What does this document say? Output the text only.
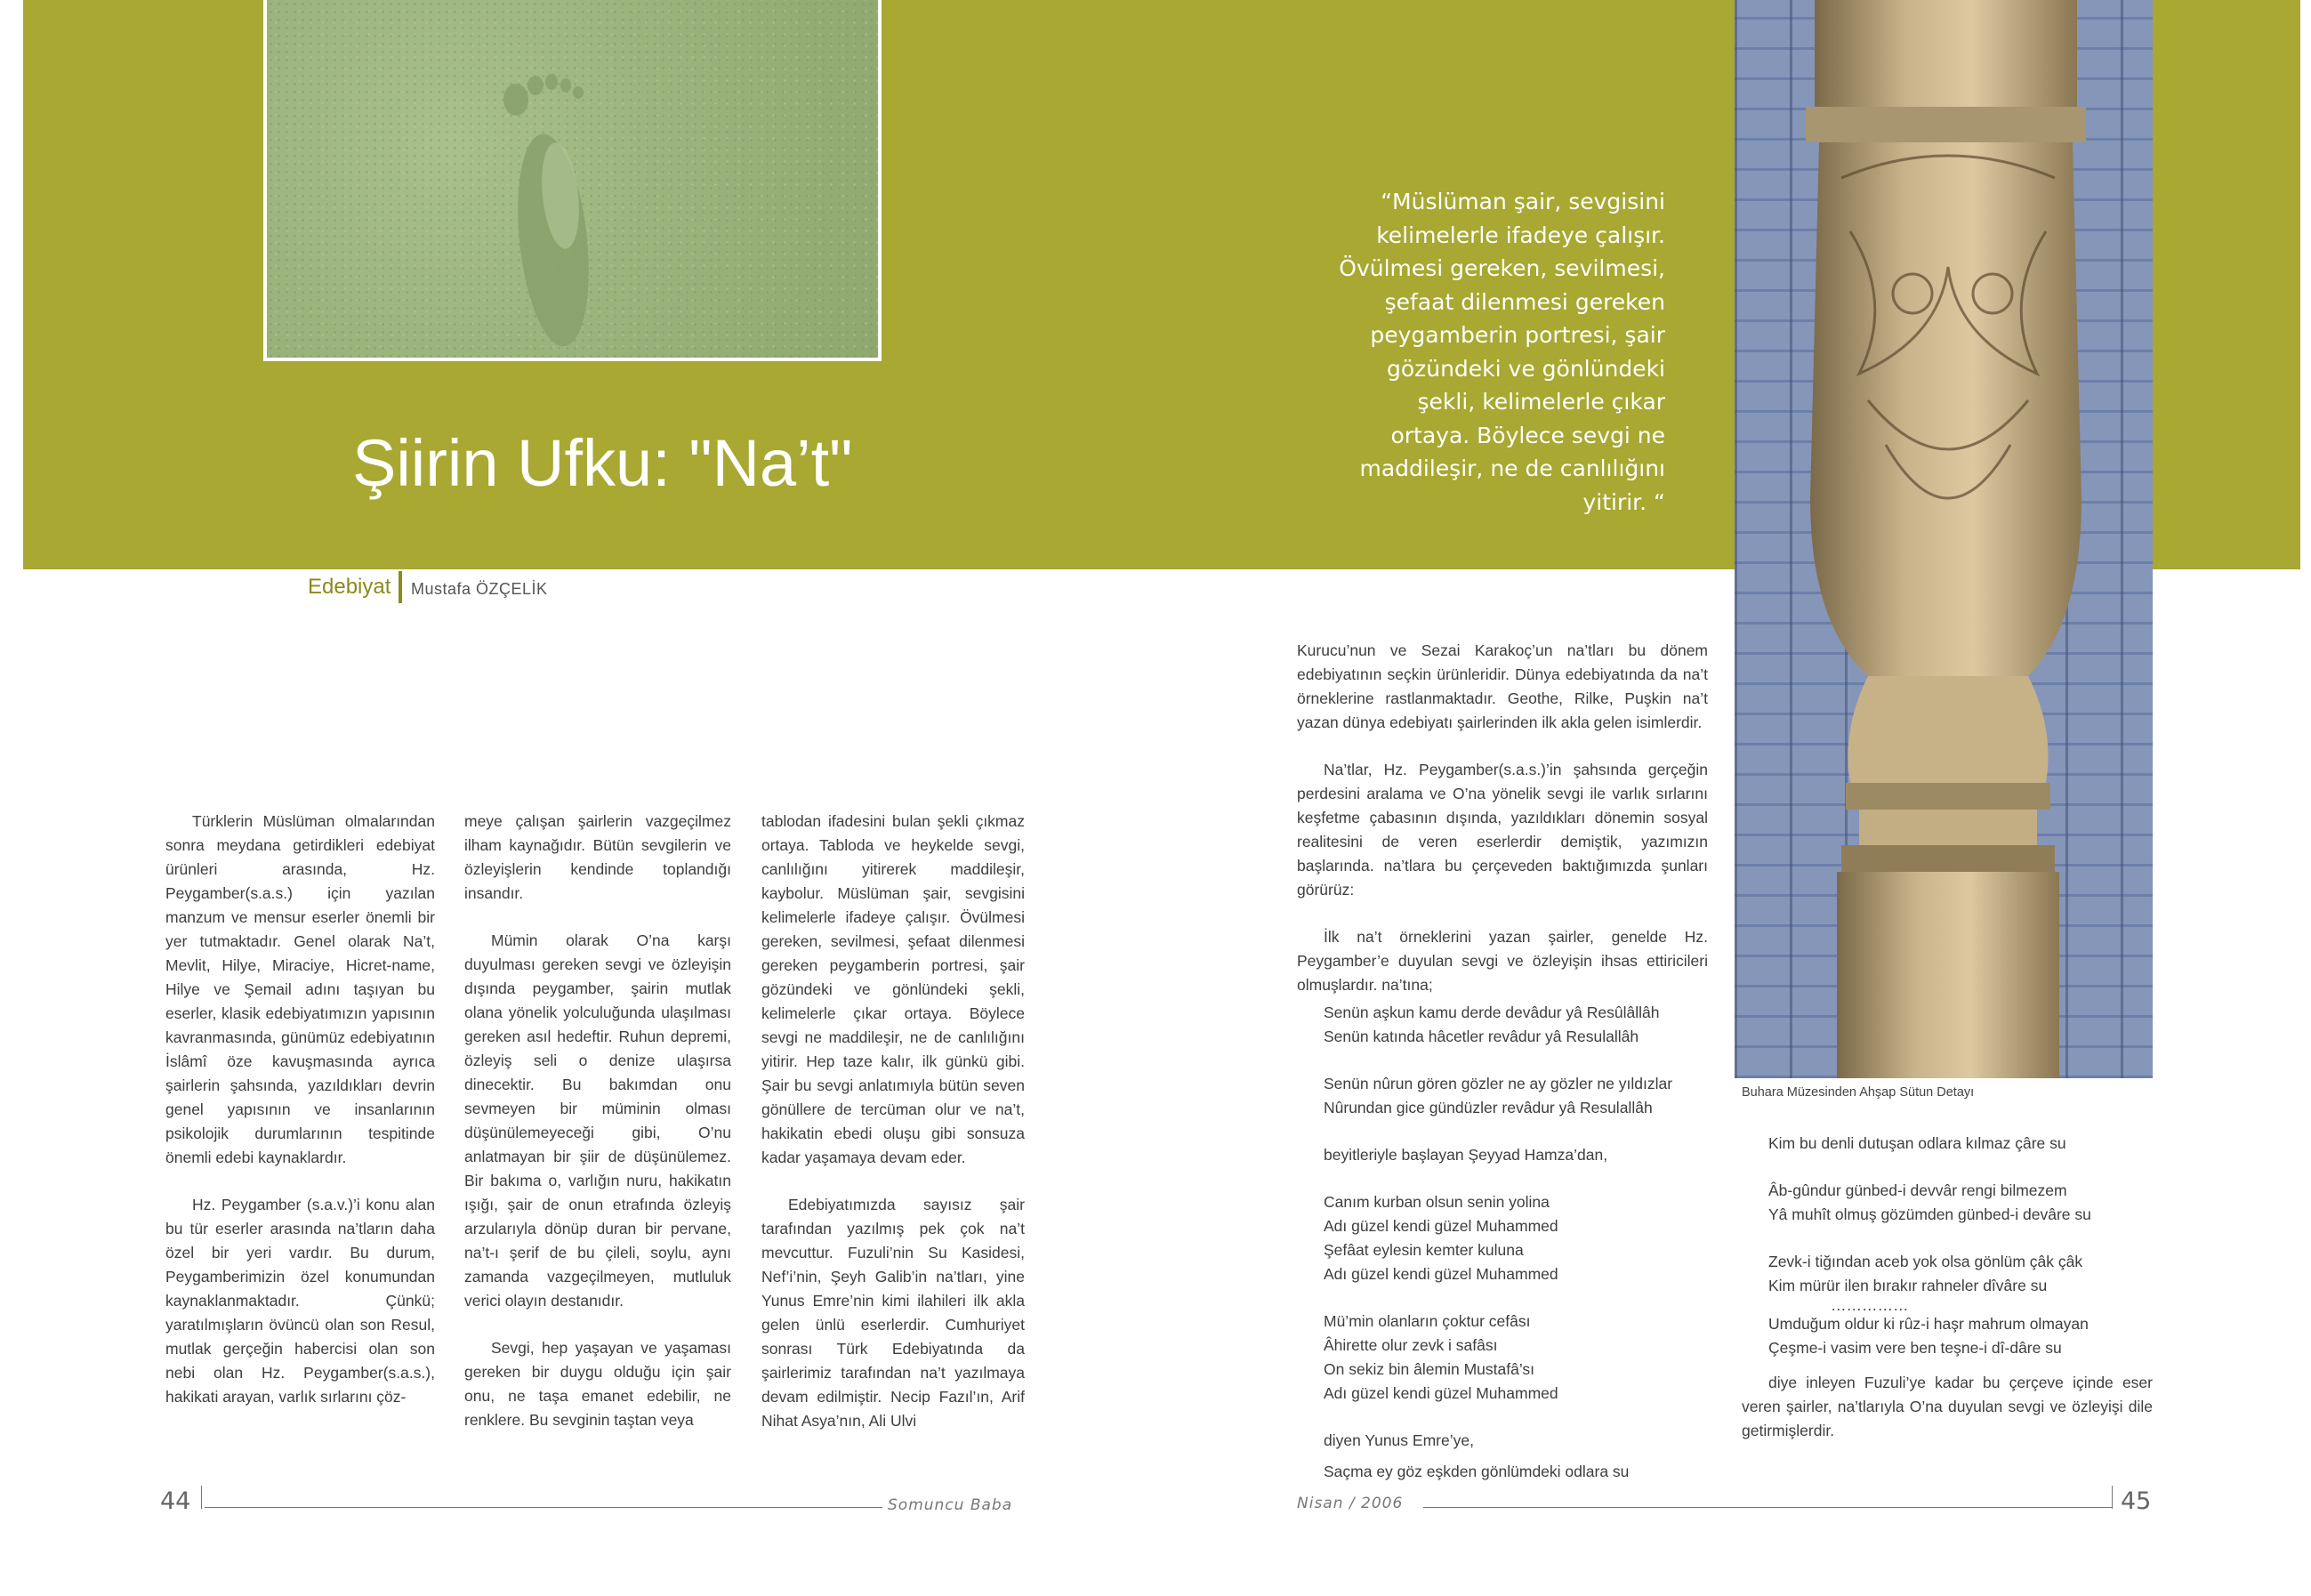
Şiirin Ufku: "Na’t"
“Müslüman şair, sevgisini
kelimelerle ifadeye çalışır.
Övülmesi gereken, sevilmesi,
şefaat dilenmesi gereken
peygamberin portresi, şair
gözündeki ve gönlündeki
şekli, kelimelerle çıkar
ortaya. Böylece sevgi ne
maddileşir, ne de canlılığını
yitirir. “
Buhara Müzesinden Ahşap Sütun Detayı
Edebiyat Mustafa ÖZÇELİK

Türklerin Müslüman olmalarından sonra meydana getirdikleri edebiyat ürünleri arasında, Hz. Peygamber(s.a.s.) için yazılan manzum ve mensur eserler önemli bir yer tutmaktadır. Genel olarak Na’t, Mevlit, Hilye, Miraciye, Hicret-name, Hilye ve Şemail adını taşıyan bu eserler, klasik edebiyatımızın yapısının kavranmasında, günümüz edebiyatının İslâmî öze kavuşmasında ayrıca şairlerin şahsında, yazıldıkları devrin genel yapısının ve insanlarının psikolojik durumlarının tespitinde önemli edebi kaynaklardır.

Hz. Peygamber (s.a.v.)’i konu alan bu tür eserler arasında na’tların daha özel bir yeri vardır. Bu durum, Peygamberimizin özel konumundan kaynaklanmaktadır. Çünkü; yaratılmışların övüncü olan son Resul, mutlak gerçeğin habercisi olan son nebi olan Hz. Peygamber(s.a.s.), hakikati arayan, varlık sırlarını çöz-

meye çalışan şairlerin vazgeçilmez ilham kaynağıdır. Bütün sevgilerin ve özleyişlerin kendinde toplandığı insandır.

Mümin olarak O’na karşı duyulması gereken sevgi ve özleyişin dışında peygamber, şairin mutlak olana yönelik yolculuğunda ulaşılması gereken asıl hedeftir. Ruhun depremi, özleyiş seli o denize ulaşırsa dinecektir. Bu bakımdan onu sevmeyen bir müminin olması düşünülemeyeceği gibi, O’nu anlatmayan bir şiir de düşünülemez. Bir bakıma o, varlığın nuru, hakikatın ışığı, şair de onun etrafında özleyiş arzularıyla dönüp duran bir pervane, na’t-ı şerif de bu çileli, soylu, aynı zamanda vazgeçilmeyen, mutluluk verici olayın destanıdır.

Sevgi, hep yaşayan ve yaşaması gereken bir duygu olduğu için şair onu, ne taşa emanet edebilir, ne renklere. Bu sevginin taştan veya

tablodan ifadesini bulan şekli çıkmaz ortaya. Tabloda ve heykelde sevgi, canlılığını yitirerek maddileşir, kaybolur. Müslüman şair, sevgisini kelimelerle ifadeye çalışır. Övülmesi gereken, sevilmesi, şefaat dilenmesi gereken peygamberin portresi, şair gözündeki ve gönlündeki şekli, kelimelerle çıkar ortaya. Böylece sevgi ne maddileşir, ne de canlılığını yitirir. Hep taze kalır, ilk günkü gibi. Şair bu sevgi anlatımıyla bütün seven gönüllere de tercüman olur ve na’t, hakikatin ebedi oluşu gibi sonsuza kadar yaşamaya devam eder.

Edebiyatımızda sayısız şair tarafından yazılmış pek çok na’t mevcuttur. Fuzuli’nin Su Kasidesi, Nef’i’nin, Şeyh Galib’in na’tları, yine Yunus Emre’nin kimi ilahileri ilk akla gelen ünlü eserlerdir. Cumhuriyet sonrası Türk Edebiyatında da şairlerimiz tarafından na’t yazılmaya devam edilmiştir. Necip Fazıl’ın, Arif Nihat Asya’nın, Ali Ulvi

Kurucu’nun ve Sezai Karakoç’un na’tları bu dönem edebiyatının seçkin ürünleridir. Dünya edebiyatında da na’t örneklerine rastlanmaktadır. Geothe, Rilke, Puşkin na’t yazan dünya edebiyatı şairlerinden ilk akla gelen isimlerdir.

Na’tlar, Hz. Peygamber(s.a.s.)’in şahsında gerçeğin perdesini aralama ve O’na yönelik sevgi ile varlık sırlarını keşfetme çabasının dışında, yazıldıkları dönemin sosyal realitesini de veren eserlerdir demiştik, yazımızın başlarında. na’tlara bu çerçeveden baktığımızda şunları görürüz:

İlk na’t örneklerini yazan şairler, genelde Hz. Peygamber’e duyulan sevgi ve özleyişin ihsas ettiricileri olmuşlardır. na’tına;

Senün aşkun kamu derde devâdur yâ Resûlâllâh
Senün katında hâcetler revâdur yâ Resulallâh
Senün nûrun gören gözler ne ay gözler ne yıldızlar
Nûrundan gice gündüzler revâdur yâ Resulallâh
beyitleriyle başlayan Şeyyad Hamza’dan,
Canım kurban olsun senin yolina
Adı güzel kendi güzel Muhammed
Şefâat eylesin kemter kuluna
Adı güzel kendi güzel Muhammed
Mü’min olanların çoktur cefâsı
Âhirette olur zevk i safâsı
On sekiz bin âlemin Mustafâ’sı
Adı güzel kendi güzel Muhammed
diyen Yunus Emre’ye,
Saçma ey göz eşkden gönlümdeki odlara su
Kim bu denli dutuşan odlara kılmaz çâre su
Âb-gûndur günbed-i devvâr rengi bilmezem
Yâ muhît olmuş gözümden günbed-i devâre su
Zevk-i tiğından aceb yok olsa gönlüm çâk çâk
Kim mürür ilen bırakır rahneler dîvâre su
……………
Umduğum oldur ki rûz-i haşr mahrum olmayan
Çeşme-i vasim vere ben teşne-i dî-dâre su

diye inleyen Fuzuli’ye kadar bu çerçeve içinde eser veren şairler, na’tlarıyla O’na duyulan sevgi ve özleyişi dile getirmişlerdir.

44	Somuncu Baba	Nisan / 2006	45
